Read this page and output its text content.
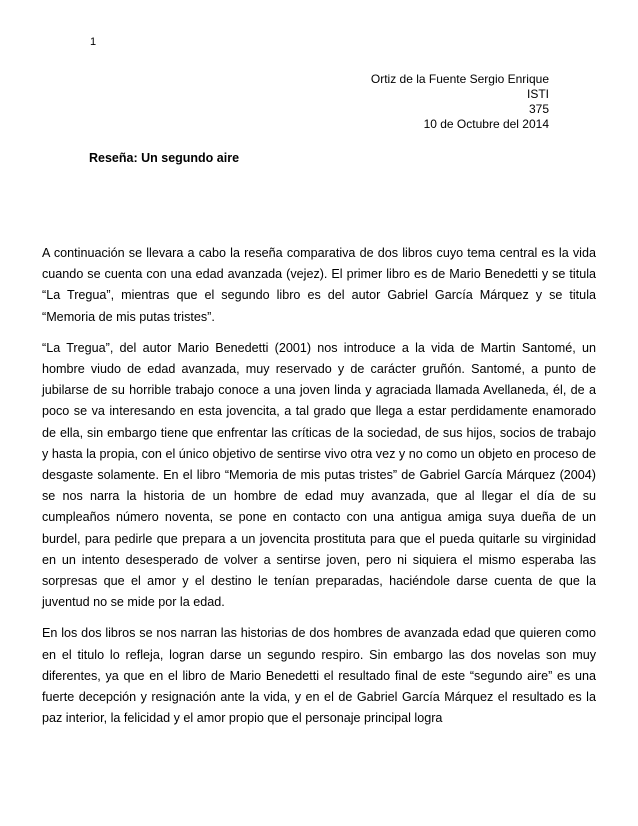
1
Ortiz de la Fuente Sergio Enrique
ISTI
375
10 de Octubre del 2014
Reseña: Un segundo aire

A continuación se llevara a cabo la reseña comparativa de dos libros cuyo tema central es la vida cuando se cuenta con una edad avanzada (vejez). El primer libro es de Mario Benedetti y se titula “La Tregua”, mientras que el segundo libro es del autor Gabriel García Márquez y se titula “Memoria de mis putas tristes”.

“La Tregua”, del autor Mario Benedetti (2001) nos introduce a la vida de Martin Santomé, un hombre viudo de edad avanzada, muy reservado y de carácter gruñón. Santomé, a punto de jubilarse de su horrible trabajo conoce a una joven linda y agraciada llamada Avellaneda, él, de a poco se va interesando en esta jovencita, a tal grado que llega a estar perdidamente enamorado de ella, sin embargo tiene que enfrentar las críticas de la sociedad, de sus hijos, socios de trabajo y hasta la propia, con el único objetivo de sentirse vivo otra vez y no como un objeto en proceso de desgaste solamente. En el libro “Memoria de mis putas tristes” de Gabriel García Márquez (2004) se nos narra la historia de un hombre de edad muy avanzada, que al llegar el día de su cumpleaños número noventa, se pone en contacto con una antigua amiga suya dueña de un burdel, para pedirle que prepara a un jovencita prostituta para que el pueda quitarle su virginidad en un intento desesperado de volver a sentirse joven, pero ni siquiera el mismo esperaba las sorpresas que el amor y el destino le tenían preparadas, haciéndole darse cuenta de que la juventud no se mide por la edad.

En los dos libros se nos narran las historias de dos hombres de avanzada edad que quieren como en el titulo lo refleja, logran darse un segundo respiro. Sin embargo las dos novelas son muy diferentes, ya que en el libro de Mario Benedetti el resultado final de este “segundo aire” es una fuerte decepción y resignación ante la vida, y en el de Gabriel García Márquez el resultado es la paz interior, la felicidad y el amor propio que el personaje principal logra
